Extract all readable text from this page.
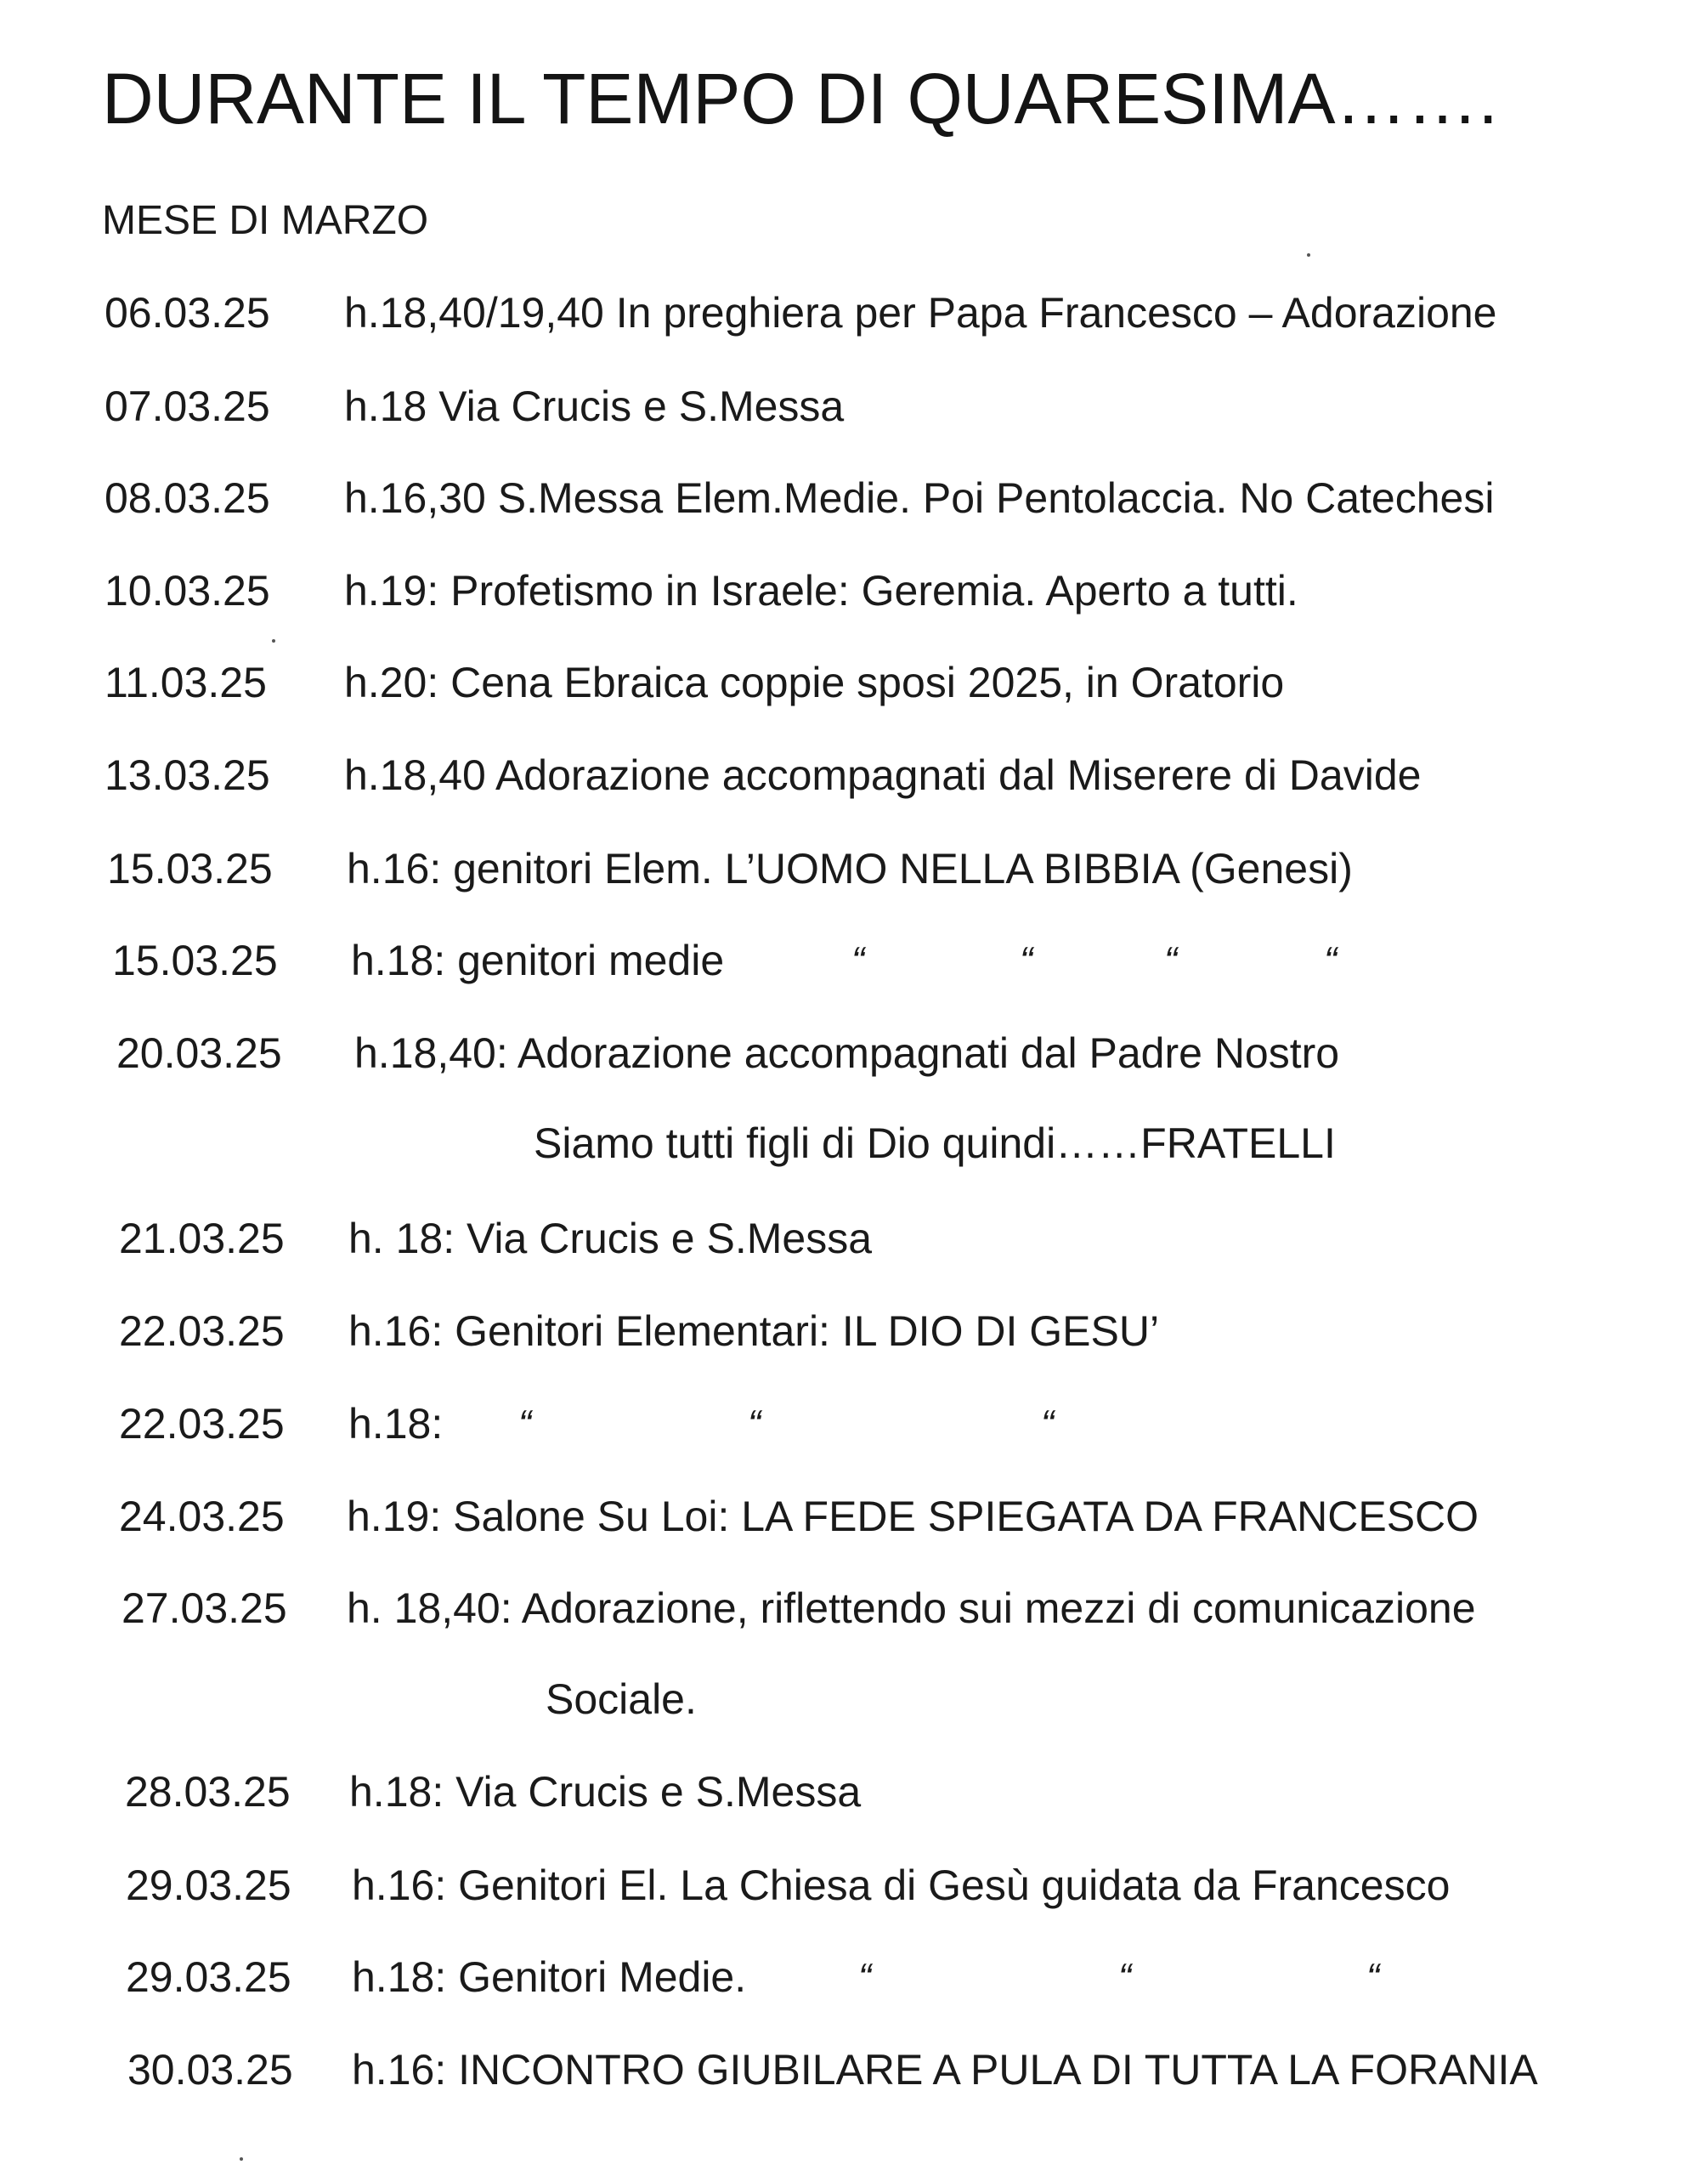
DURANTE IL TEMPO DI QUARESIMA…….
MESE DI MARZO
06.03.25 h.18,40/19,40 In preghiera per Papa Francesco – Adorazione
07.03.25 h.18 Via Crucis e S.Messa
08.03.25 h.16,30 S.Messa Elem.Medie. Poi Pentolaccia. No Catechesi
10.03.25 h.19: Profetismo in Israele: Geremia. Aperto a tutti.
11.03.25 h.20: Cena Ebraica coppie sposi 2025, in Oratorio
13.03.25 h.18,40 Adorazione accompagnati dal Miserere di Davide
15.03.25 h.16: genitori Elem. L’UOMO NELLA BIBBIA (Genesi)
15.03.25 h.18: genitori medie	“	“	“	“
20.03.25 h.18,40: Adorazione accompagnati dal Padre Nostro
Siamo tutti figli di Dio quindi……FRATELLI
21.03.25 h. 18: Via Crucis e S.Messa
22.03.25 h.16: Genitori Elementari: IL DIO DI GESU’
22.03.25 h.18: “	“	“
24.03.25 h.19: Salone Su Loi: LA FEDE SPIEGATA DA FRANCESCO
27.03.25 h. 18,40: Adorazione, riflettendo sui mezzi di comunicazione
Sociale.
28.03.25 h.18: Via Crucis e S.Messa
29.03.25 h.16: Genitori El. La Chiesa di Gesù guidata da Francesco
29.03.25 h.18: Genitori Medie.	“	“	“
30.03.25 h.16: INCONTRO GIUBILARE A PULA DI TUTTA LA FORANIA
